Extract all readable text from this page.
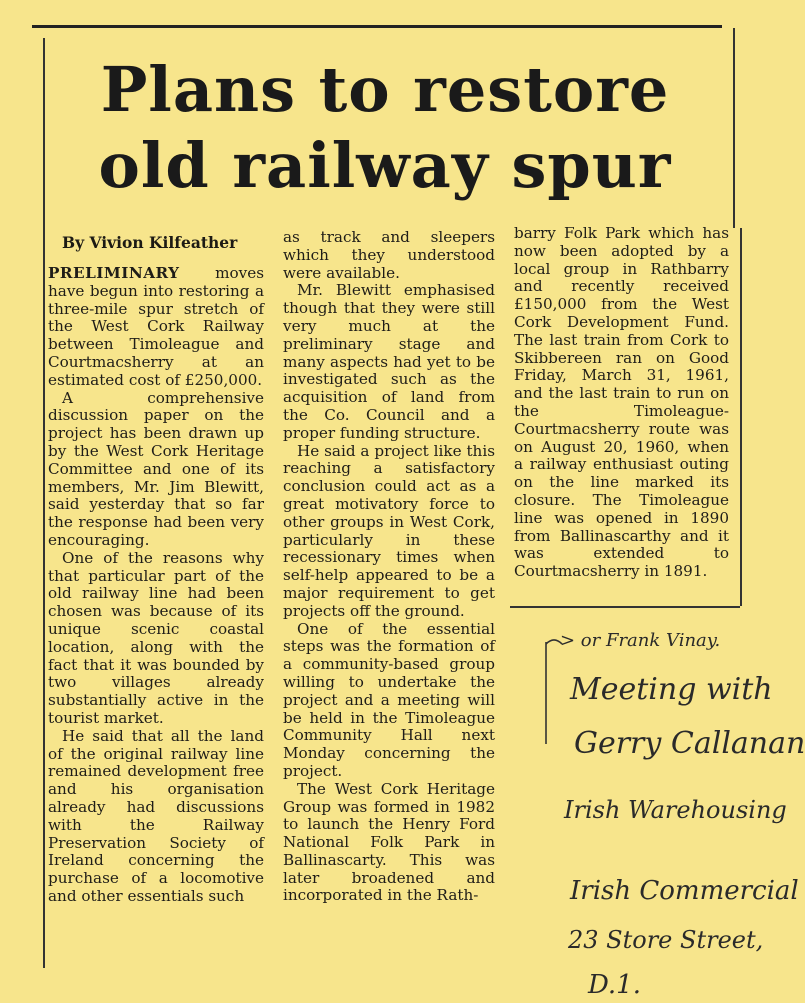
Plans to restore
old railway spur
By Vivion Kilfeather

PRELIMINARY moves have begun into restoring a three-mile spur stretch of the West Cork Railway between Timoleague and Courtmacsherry at an estimated cost of £250,000.

A comprehensive discussion paper on the project has been drawn up by the West Cork Heritage Committee and one of its members, Mr. Jim Blewitt, said yesterday that so far the response had been very encouraging.

One of the reasons why that particular part of the old railway line had been chosen was because of its unique scenic coastal location, along with the fact that it was bounded by two villages already substantially active in the tourist market.

He said that all the land of the original railway line remained development free and his organisation already had discussions with the Railway Preservation Society of Ireland concerning the purchase of a locomotive and other essentials such

as track and sleepers which they understood were available.

Mr. Blewitt emphasised though that they were still very much at the preliminary stage and many aspects had yet to be investigated such as the acquisition of land from the Co. Council and a proper funding structure.

He said a project like this reaching a satisfactory conclusion could act as a great motivatory force to other groups in West Cork, particularly in these recessionary times when self-help appeared to be a major requirement to get projects off the ground.

One of the essential steps was the formation of a community-based group willing to undertake the project and a meeting will be held in the Timoleague Community Hall next Monday concerning the project.

The West Cork Heritage Group was formed in 1982 to launch the Henry Ford National Folk Park in Ballinascarty. This was later broadened and incorporated in the Rath-

barry Folk Park which has now been adopted by a local group in Rathbarry and recently received £150,000 from the West Cork Development Fund. The last train from Cork to Skibbereen ran on Good Friday, March 31, 1961, and the last train to run on the Timoleague-Courtmacsherry route was on August 20, 1960, when a railway enthusiast outing on the line marked its closure. The Timoleague line was opened in 1890 from Ballinascarthy and it was extended to Courtmacsherry in 1891.

> or Frank Vinay.
Meeting with
Gerry Callanan
Irish Warehousing
Irish Commercial
23 Store Street,
D.1.
